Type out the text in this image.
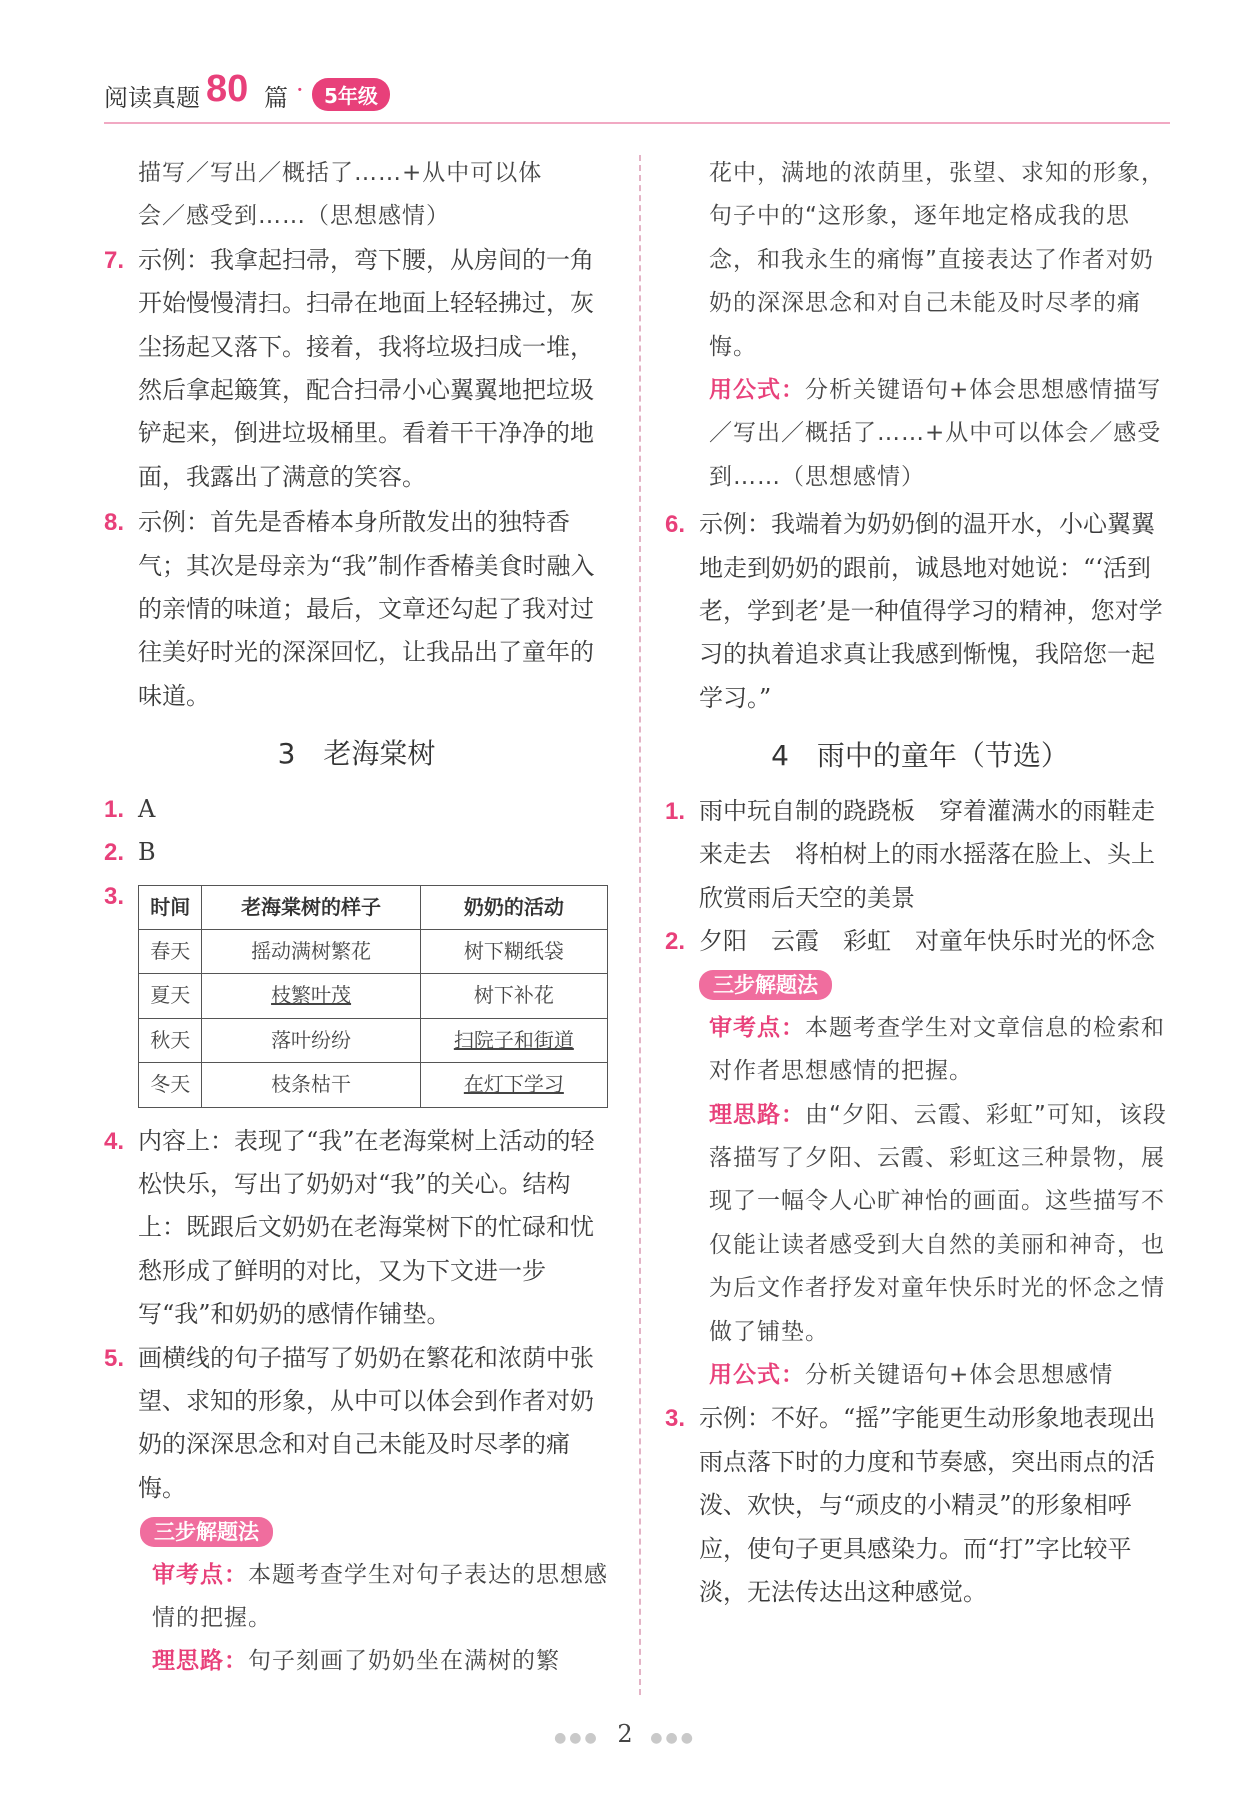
阅读真题 80 篇 ·	5年级

描写／写出／概括了……+从中可以体
会／感受到……（思想感情）

7. 示例：我拿起扫帚，弯下腰，从房间的一角开始慢慢清扫。扫帚在地面上轻轻拂过，灰尘扬起又落下。接着，我将垃圾扫成一堆，然后拿起簸箕，配合扫帚小心翼翼地把垃圾铲起来，倒进垃圾桶里。看着干干净净的地面，我露出了满意的笑容。
8. 示例：首先是香椿本身所散发出的独特香气；其次是母亲为“我”制作香椿美食时融入的亲情的味道；最后，文章还勾起了我对过往美好时光的深深回忆，让我品出了童年的味道。
3　老海棠树
1. A
2. B
3. 时间	老海棠树的样子	奶奶的活动
春天	摇动满树繁花	树下糊纸袋
夏天	枝繁叶茂	树下补花
秋天	落叶纷纷	扫院子和街道
冬天	枝条枯干	在灯下学习
4. 内容上：表现了“我”在老海棠树上活动的轻松快乐，写出了奶奶对“我”的关心。结构上：既跟后文奶奶在老海棠树下的忙碌和忧愁形成了鲜明的对比，又为下文进一步写“我”和奶奶的感情作铺垫。
5. 画横线的句子描写了奶奶在繁花和浓荫中张望、求知的形象，从中可以体会到作者对奶奶的深深思念和对自己未能及时尽孝的痛悔。
三步解题法

审考点：本题考查学生对句子表达的思想感情的把握。

理思路：句子刻画了奶奶坐在满树的繁

花中，满地的浓荫里，张望、求知的形象，句子中的“这形象，逐年地定格成我的思念，和我永生的痛悔”直接表达了作者对奶奶的深深思念和对自己未能及时尽孝的痛悔。

用公式：分析关键语句+体会思想感情描写／写出／概括了……+从中可以体会／感受到……（思想感情）

6. 示例：我端着为奶奶倒的温开水，小心翼翼地走到奶奶的跟前，诚恳地对她说：“‘活到老，学到老’是一种值得学习的精神，您对学习的执着追求真让我感到惭愧，我陪您一起学习。”
4　雨中的童年（节选）
1. 雨中玩自制的跷跷板　穿着灌满水的雨鞋走来走去　将柏树上的雨水摇落在脸上、头上　欣赏雨后天空的美景
2. 夕阳　云霞　彩虹　对童年快乐时光的怀念
三步解题法

审考点：本题考查学生对文章信息的检索和对作者思想感情的把握。

理思路：由“夕阳、云霞、彩虹”可知，该段落描写了夕阳、云霞、彩虹这三种景物，展现了一幅令人心旷神怡的画面。这些描写不仅能让读者感受到大自然的美丽和神奇，也为后文作者抒发对童年快乐时光的怀念之情做了铺垫。

用公式：分析关键语句+体会思想感情

3. 示例：不好。“摇”字能更生动形象地表现出雨点落下时的力度和节奏感，突出雨点的活泼、欢快，与“顽皮的小精灵”的形象相呼应，使句子更具感染力。而“打”字比较平淡，无法传达出这种感觉。
●●● 2 ●●●
